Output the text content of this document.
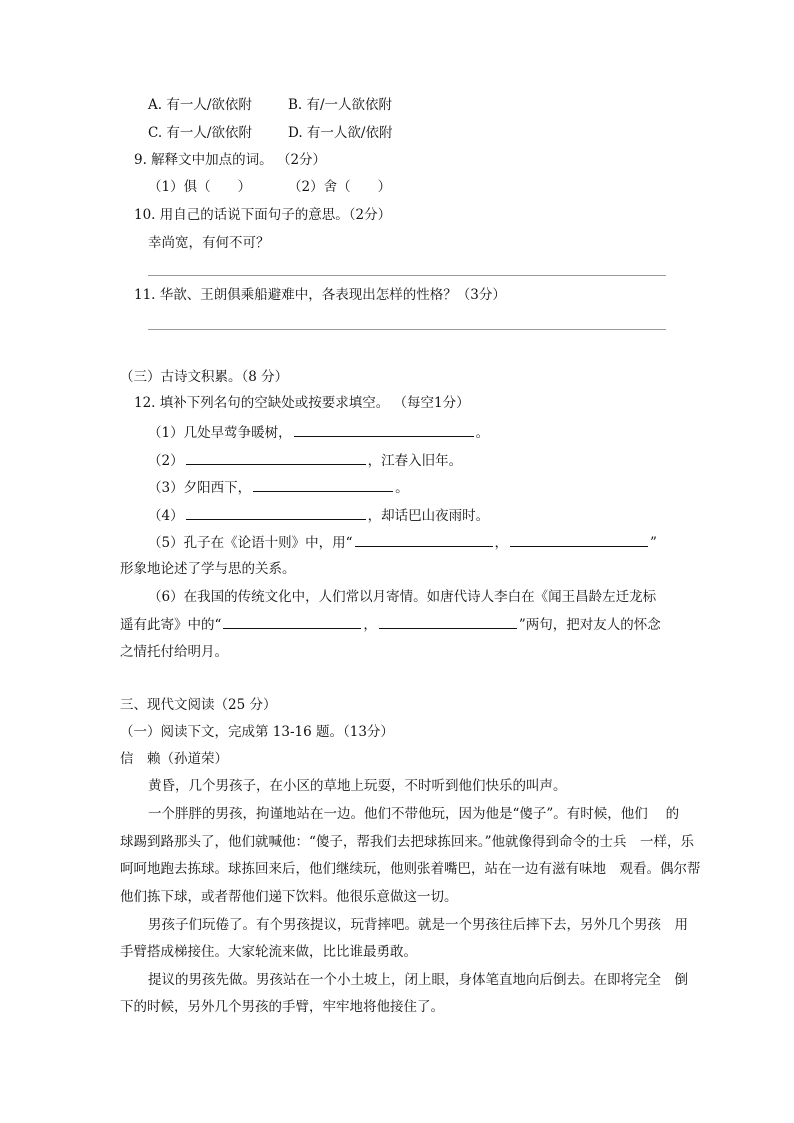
A. 有一人/欲依附	B. 有/一人欲依附
C. 有一人/欲依附	D. 有一人欲/依附
9. 解释文中加点的词。 （2分）
（1）俱（　　）	（2）舍（　　）
10. 用自己的话说下面句子的意思。（2分）
幸尚宽，有何不可？
11. 华歆、王朗俱乘船避难中，各表现出怎样的性格？（3分）
（三）古诗文积累。（8 分）
12. 填补下列名句的空缺处或按要求填空。 （每空1分）
（1）几处早莺争暖树，	。
（2）	，江春入旧年。
（3）夕阳西下，	。
（4）	，却话巴山夜雨时。
（5）孔子在《论语十则》中，用“	，	”
形象地论述了学与思的关系。
（6）在我国的传统文化中，人们常以月寄情。如唐代诗人李白在《闻王昌龄左迁龙标
遥有此寄》中的“	，	”两句，把对友人的怀念
之情托付给明月。
三、现代文阅读（25 分）
（一）阅读下文，完成第 13-16 题。（13分）
信　赖（孙道荣）
黄昏，几个男孩子，在小区的草地上玩耍，不时听到他们快乐的叫声。
一个胖胖的男孩，拘谨地站在一边。他们不带他玩，因为他是“傻子”。有时候，他们　 的
球踢到路那头了，他们就喊他：“傻子，帮我们去把球拣回来。”他就像得到命令的士兵　一样，乐
呵呵地跑去拣球。球拣回来后，他们继续玩，他则张着嘴巴，站在一边有滋有味地　观看。偶尔帮
他们拣下球，或者帮他们递下饮料。他很乐意做这一切。
男孩子们玩倦了。有个男孩提议，玩背摔吧。就是一个男孩往后摔下去，另外几个男孩　用
手臂搭成梯接住。大家轮流来做，比比谁最勇敢。
提议的男孩先做。男孩站在一个小土坡上，闭上眼，身体笔直地向后倒去。在即将完全　倒
下的时候，另外几个男孩的手臂，牢牢地将他接住了。
